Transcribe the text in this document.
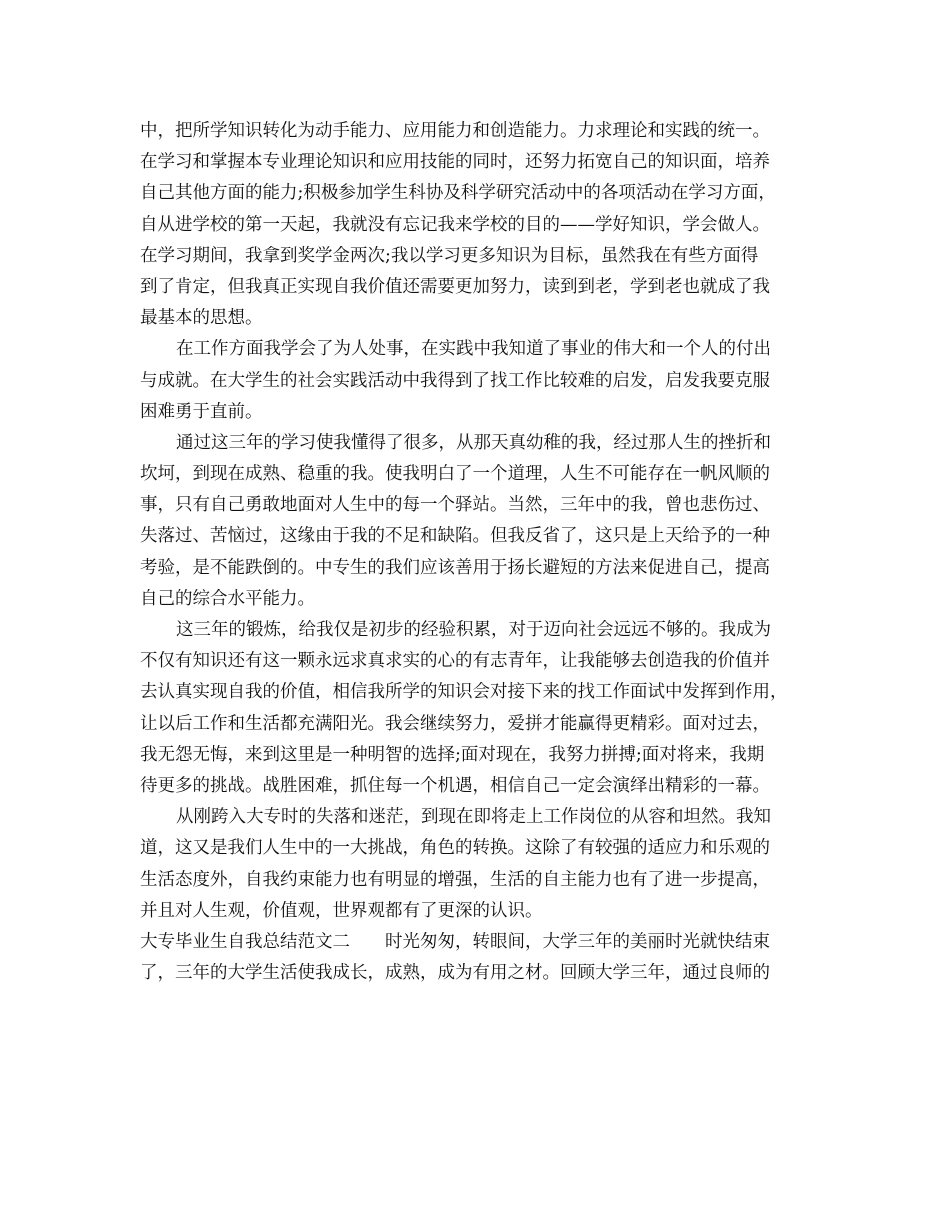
中，把所学知识转化为动手能力、应用能力和创造能力。力求理论和实践的统一。
在学习和掌握本专业理论知识和应用技能的同时，还努力拓宽自己的知识面，培养
自己其他方面的能力;积极参加学生科协及科学研究活动中的各项活动在学习方面，
自从进学校的第一天起，我就没有忘记我来学校的目的——学好知识，学会做人。
在学习期间，我拿到奖学金两次;我以学习更多知识为目标，虽然我在有些方面得
到了肯定，但我真正实现自我价值还需要更加努力，读到到老，学到老也就成了我
最基本的思想。
在工作方面我学会了为人处事，在实践中我知道了事业的伟大和一个人的付出
与成就。在大学生的社会实践活动中我得到了找工作比较难的启发，启发我要克服
困难勇于直前。
通过这三年的学习使我懂得了很多，从那天真幼稚的我，经过那人生的挫折和
坎坷，到现在成熟、稳重的我。使我明白了一个道理，人生不可能存在一帆风顺的
事，只有自己勇敢地面对人生中的每一个驿站。当然，三年中的我，曾也悲伤过、
失落过、苦恼过，这缘由于我的不足和缺陷。但我反省了，这只是上天给予的一种
考验，是不能跌倒的。中专生的我们应该善用于扬长避短的方法来促进自己，提高
自己的综合水平能力。
这三年的锻炼，给我仅是初步的经验积累，对于迈向社会远远不够的。我成为
不仅有知识还有这一颗永远求真求实的心的有志青年，让我能够去创造我的价值并
去认真实现自我的价值，相信我所学的知识会对接下来的找工作面试中发挥到作用，
让以后工作和生活都充满阳光。我会继续努力，爱拼才能赢得更精彩。面对过去，
我无怨无悔，来到这里是一种明智的选择;面对现在，我努力拼搏;面对将来，我期
待更多的挑战。战胜困难，抓住每一个机遇，相信自己一定会演绎出精彩的一幕。
从刚跨入大专时的失落和迷茫，到现在即将走上工作岗位的从容和坦然。我知
道，这又是我们人生中的一大挑战，角色的转换。这除了有较强的适应力和乐观的
生活态度外，自我约束能力也有明显的增强，生活的自主能力也有了进一步提高，
并且对人生观，价值观，世界观都有了更深的认识。
大专毕业生自我总结范文二　　时光匆匆，转眼间，大学三年的美丽时光就快结束
了，三年的大学生活使我成长，成熟，成为有用之材。回顾大学三年，通过良师的
